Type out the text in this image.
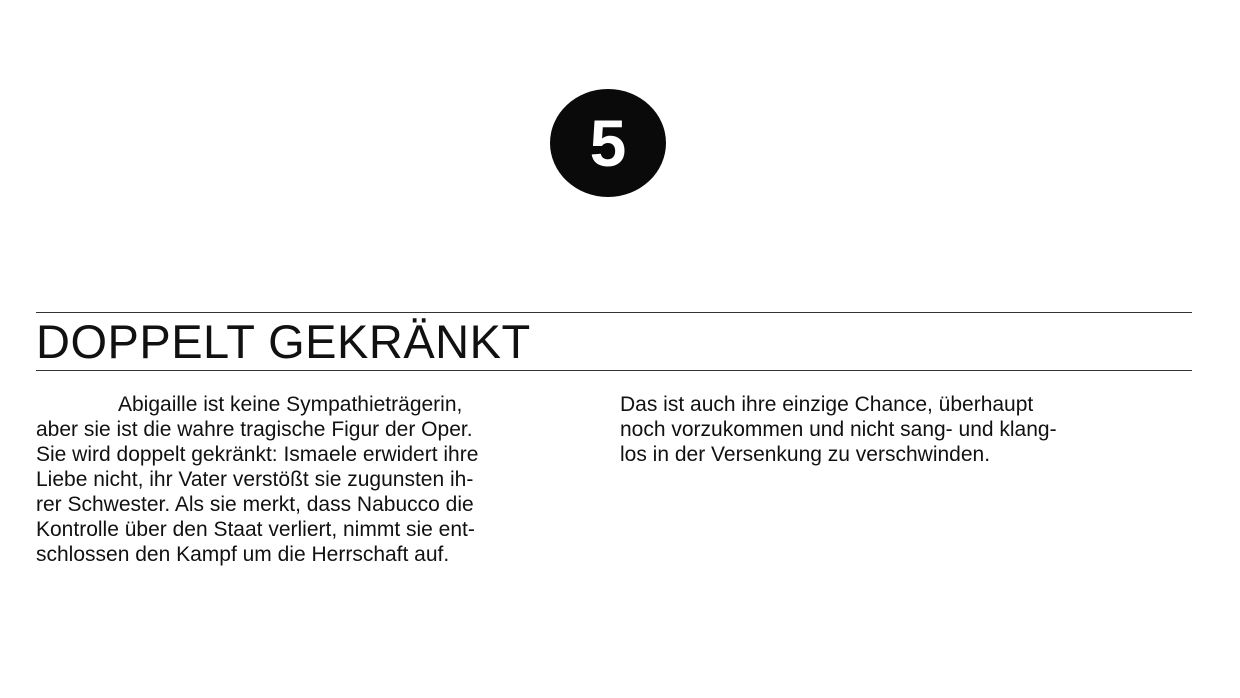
5
DOPPELT GEKRÄNKT
Abigaille ist keine Sympathieträgerin,
aber sie ist die wahre tragische Figur der Oper.
Sie wird doppelt gekränkt: Ismaele erwidert ihre
Liebe nicht, ihr Vater verstößt sie zugunsten ih-
rer Schwester. Als sie merkt, dass Nabucco die
Kontrolle über den Staat verliert, nimmt sie ent-
schlossen den Kampf um die Herrschaft auf.
Das ist auch ihre einzige Chance, überhaupt
noch vorzukommen und nicht sang- und klang-
los in der Versenkung zu verschwinden.
